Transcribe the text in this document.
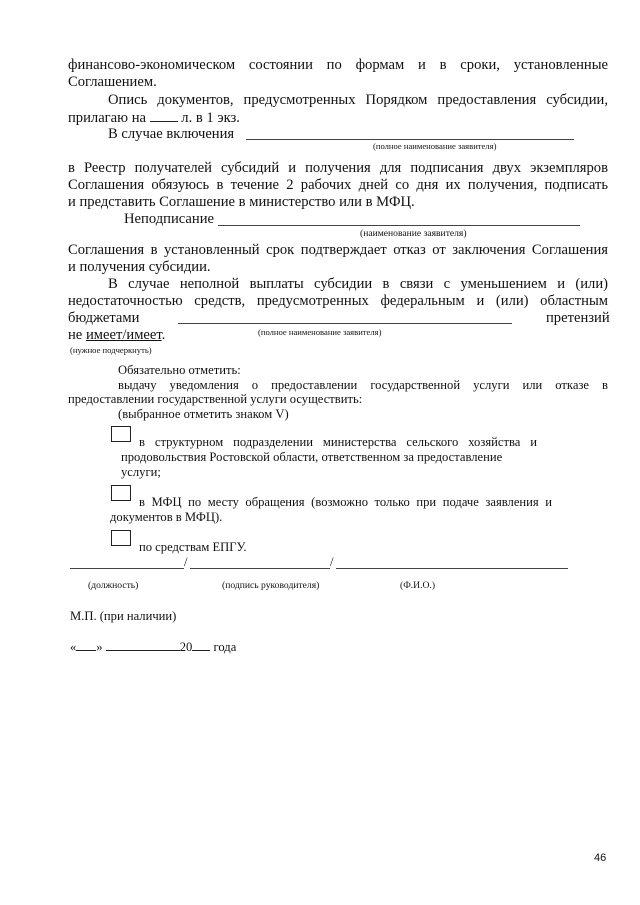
финансово-экономическом состоянии по формам и в сроки, установленные
Соглашением.
Опись документов, предусмотренных Порядком предоставления субсидии,
прилагаю на л. в 1 экз.
В случае включения
(полное наименование заявителя)
в Реестр получателей субсидий и получения для подписания двух экземпляров
Соглашения обязуюсь в течение 2 рабочих дней со дня их получения, подписать
и представить Соглашение в министерство или в МФЦ.
Неподписание
(наименование заявителя)
Соглашения в установленный срок подтверждает отказ от заключения Соглашения
и получения субсидии.
В случае неполной выплаты субсидии в связи с уменьшением и (или)
недостаточностью средств, предусмотренных федеральным и (или) областным
бюджетами	претензий
(полное наименование заявителя)
не имеет/имеет.
(нужное подчеркнуть)
Обязательно отметить:
выдачу уведомления о предоставлении государственной услуги или отказе в
предоставлении государственной услуги осуществить:
(выбранное отметить знаком V)
в структурном подразделении министерства сельского хозяйства и
продовольствия Ростовской области, ответственном за предоставление
услуги;
в МФЦ по месту обращения (возможно только при подаче заявления и
документов в МФЦ).
по средствам ЕПГУ.
/	/
(должность)	(подпись руководителя)	(Ф.И.О.)
М.П. (при наличии)
« »	20 года
46
